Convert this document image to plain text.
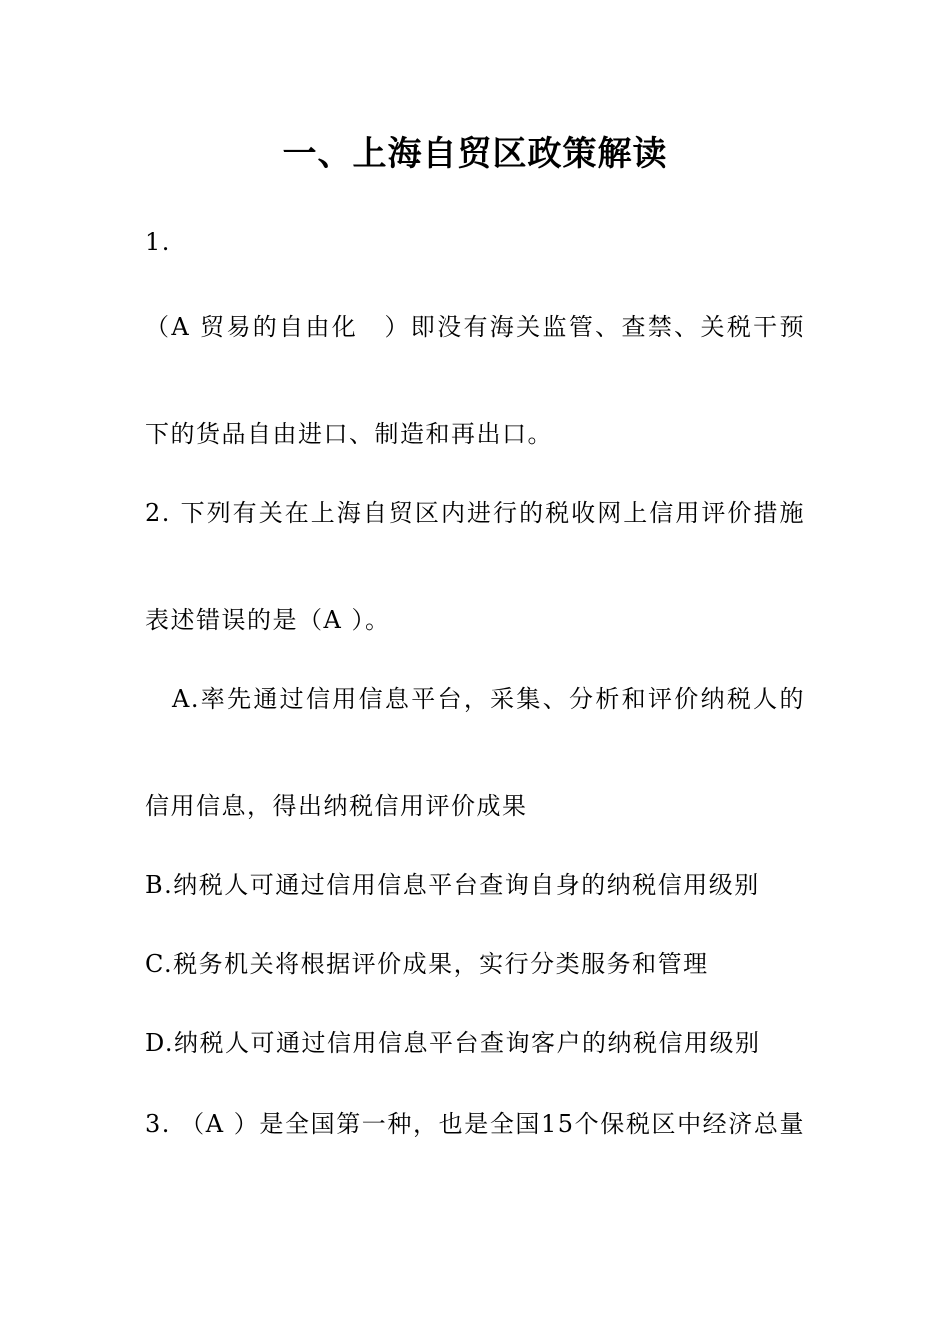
一、上海自贸区政策解读
1.
（A 贸易的自由化　）即没有海关监管、查禁、关税干预
下的货品自由进口、制造和再出口。
2. 下列有关在上海自贸区内进行的税收网上信用评价措施
表述错误的是（A ）。
A.率先通过信用信息平台，采集、分析和评价纳税人的
信用信息，得出纳税信用评价成果
B.纳税人可通过信用信息平台查询自身的纳税信用级别
C.税务机关将根据评价成果，实行分类服务和管理
D.纳税人可通过信用信息平台查询客户的纳税信用级别
3. （A ）是全国第一种，也是全国15个保税区中经济总量
